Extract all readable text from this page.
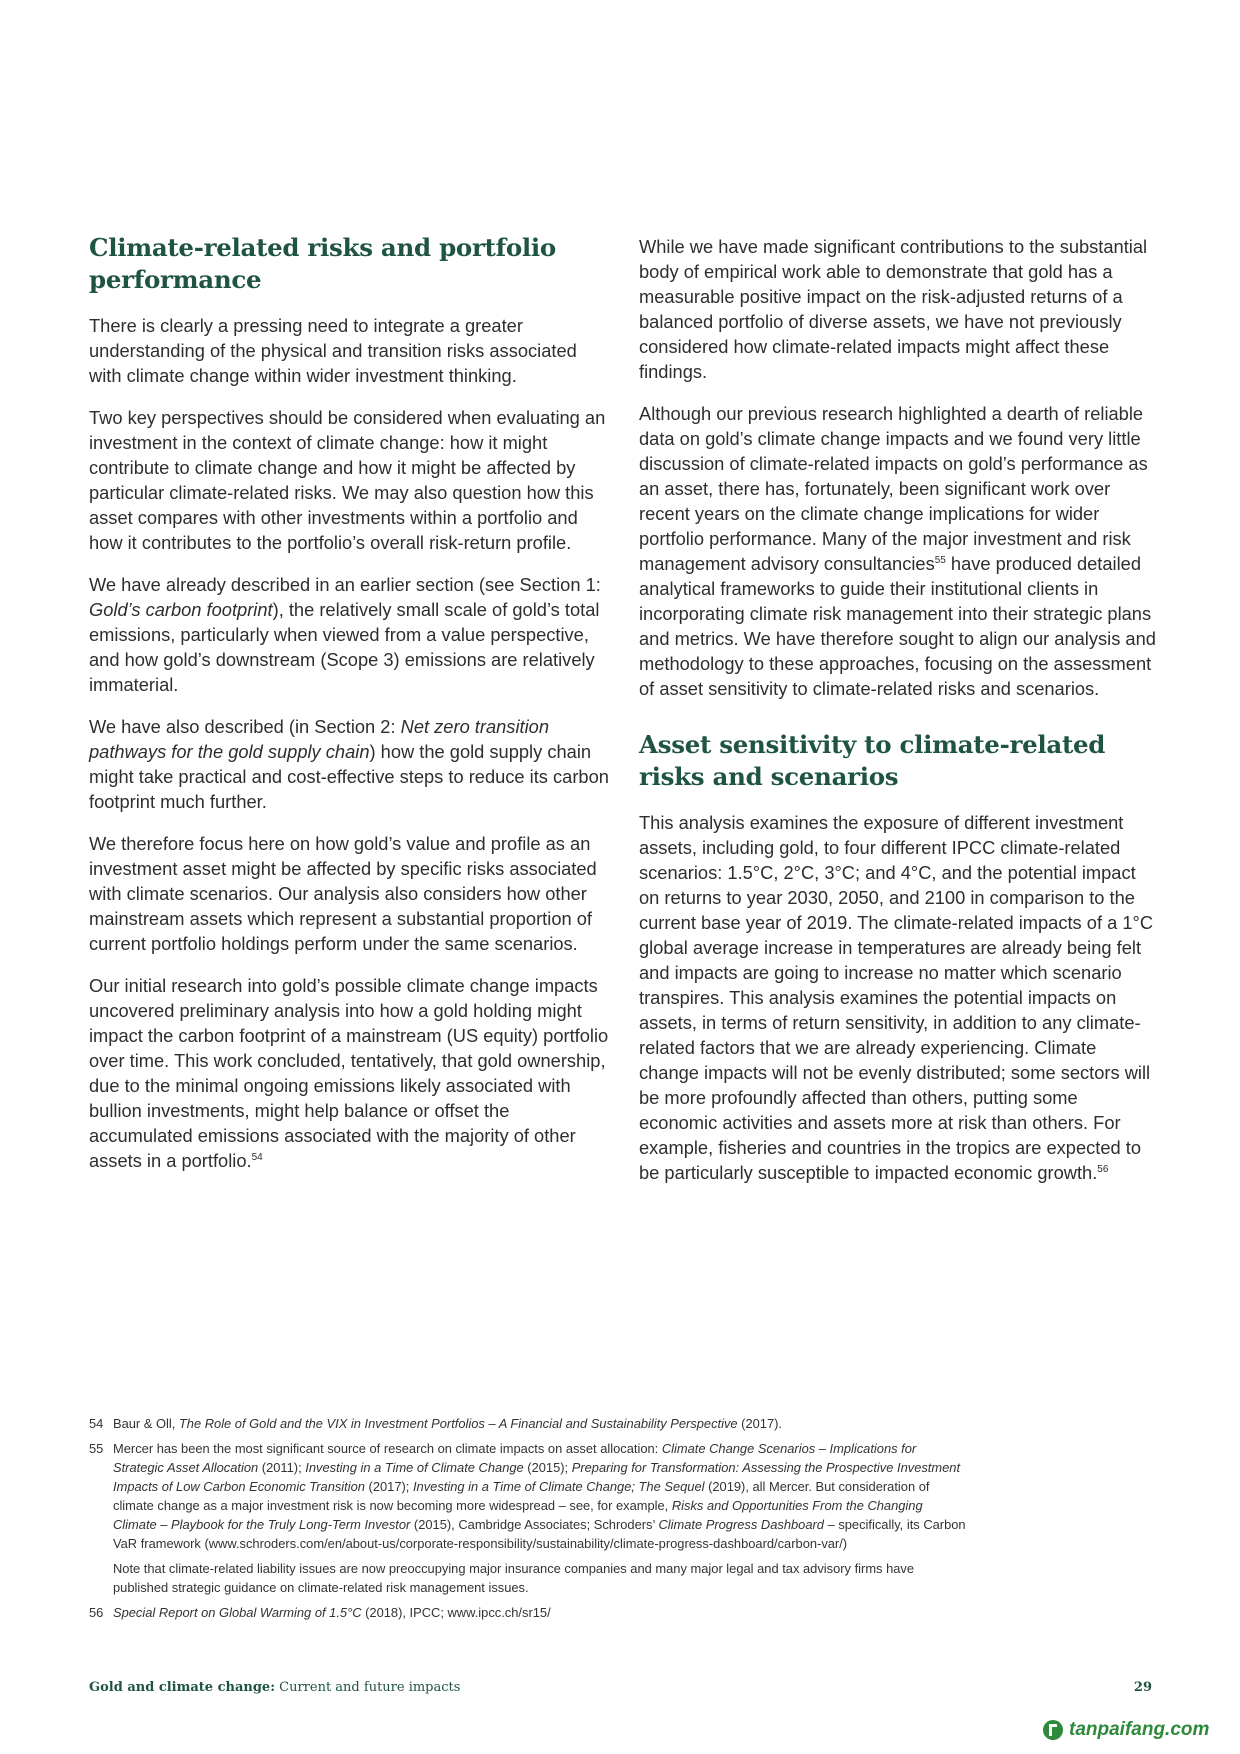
Climate-related risks and portfolio performance

There is clearly a pressing need to integrate a greater understanding of the physical and transition risks associated with climate change within wider investment thinking.

Two key perspectives should be considered when evaluating an investment in the context of climate change: how it might contribute to climate change and how it might be affected by particular climate-related risks. We may also question how this asset compares with other investments within a portfolio and how it contributes to the portfolio’s overall risk-return profile.

We have already described in an earlier section (see Section 1: Gold’s carbon footprint), the relatively small scale of gold’s total emissions, particularly when viewed from a value perspective, and how gold’s downstream (Scope 3) emissions are relatively immaterial.

We have also described (in Section 2: Net zero transition pathways for the gold supply chain) how the gold supply chain might take practical and cost-effective steps to reduce its carbon footprint much further.

We therefore focus here on how gold’s value and profile as an investment asset might be affected by specific risks associated with climate scenarios. Our analysis also considers how other mainstream assets which represent a substantial proportion of current portfolio holdings perform under the same scenarios.

Our initial research into gold’s possible climate change impacts uncovered preliminary analysis into how a gold holding might impact the carbon footprint of a mainstream (US equity) portfolio over time. This work concluded, tentatively, that gold ownership, due to the minimal ongoing emissions likely associated with bullion investments, might help balance or offset the accumulated emissions associated with the majority of other assets in a portfolio.$^{54}$

While we have made significant contributions to the substantial body of empirical work able to demonstrate that gold has a measurable positive impact on the risk-adjusted returns of a balanced portfolio of diverse assets, we have not previously considered how climate-related impacts might affect these findings.

Although our previous research highlighted a dearth of reliable data on gold’s climate change impacts and we found very little discussion of climate-related impacts on gold’s performance as an asset, there has, fortunately, been significant work over recent years on the climate change implications for wider portfolio performance. Many of the major investment and risk management advisory consultancies$^{55}$ have produced detailed analytical frameworks to guide their institutional clients in incorporating climate risk management into their strategic plans and metrics. We have therefore sought to align our analysis and methodology to these approaches, focusing on the assessment of asset sensitivity to climate-related risks and scenarios.

Asset sensitivity to climate-related risks and scenarios

This analysis examines the exposure of different investment assets, including gold, to four different IPCC climate-related scenarios: 1.5°C, 2°C, 3°C; and 4°C, and the potential impact on returns to year 2030, 2050, and 2100 in comparison to the current base year of 2019. The climate-related impacts of a 1°C global average increase in temperatures are already being felt and impacts are going to increase no matter which scenario transpires. This analysis examines the potential impacts on assets, in terms of return sensitivity, in addition to any climate-related factors that we are already experiencing. Climate change impacts will not be evenly distributed; some sectors will be more profoundly affected than others, putting some economic activities and assets more at risk than others. For example, fisheries and countries in the tropics are expected to be particularly susceptible to impacted economic growth.$^{56}$

54 Baur & Oll, The Role of Gold and the VIX in Investment Portfolios – A Financial and Sustainability Perspective (2017).
55 Mercer has been the most significant source of research on climate impacts on asset allocation: Climate Change Scenarios – Implications for Strategic Asset Allocation (2011); Investing in a Time of Climate Change (2015); Preparing for Transformation: Assessing the Prospective Investment Impacts of Low Carbon Economic Transition (2017); Investing in a Time of Climate Change; The Sequel (2019), all Mercer. But consideration of climate change as a major investment risk is now becoming more widespread – see, for example, Risks and Opportunities From the Changing Climate – Playbook for the Truly Long-Term Investor (2015), Cambridge Associates; Schroders’ Climate Progress Dashboard – specifically, its Carbon VaR framework (www.schroders.com/en/about-us/corporate-responsibility/sustainability/climate-progress-dashboard/carbon-var/)
Note that climate-related liability issues are now preoccupying major insurance companies and many major legal and tax advisory firms have published strategic guidance on climate-related risk management issues.
56 Special Report on Global Warming of 1.5°C (2018), IPCC; www.ipcc.ch/sr15/
Gold and climate change: Current and future impacts	29
tanpaifang.com
